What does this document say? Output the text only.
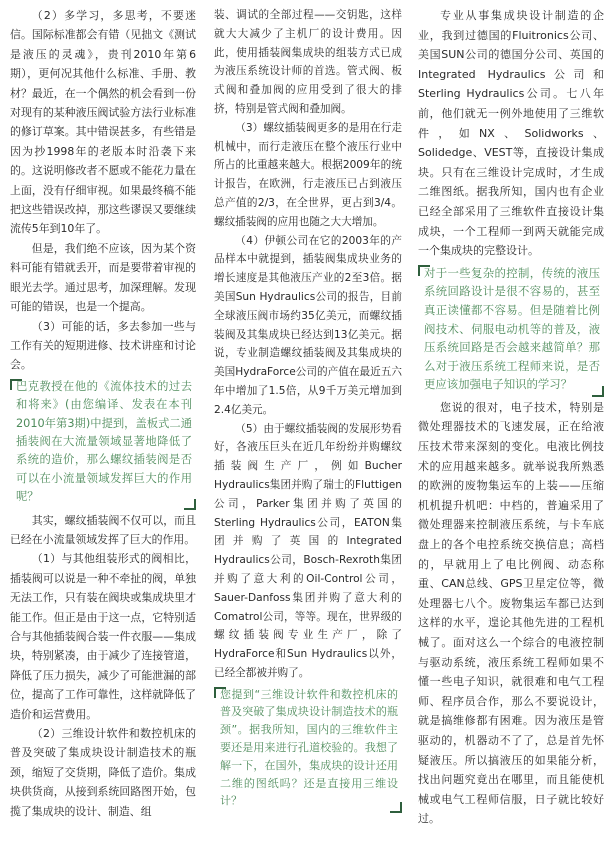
（2）多学习，多思考，不要迷信。国际标准都会有错（见拙文《测试是液压的灵魂》，贵刊2010年第6期），更何况其他什么标准、手册、教材？最近，在一个偶然的机会看到一份对现有的某种液压阀试验方法行业标准的修订草案。其中错误甚多，有些错是因为抄1998年的老版本时沿袭下来的。这说明修改者不愿或不能花力量在上面，没有仔细审视。如果最终稿不能把这些错误改掉，那这些谬误又要继续流传5年到10年了。

但是，我们绝不应该，因为某个资料可能有错就丢开，而是要带着审视的眼光去学。通过思考，加深理解。发现可能的错误，也是一个提高。

（3）可能的话，多去参加一些与工作有关的短期进修、技术讲座和讨论会。

巴克教授在他的《流体技术的过去和将来》(由您编译、发表在本刊2010年第3期)中提到，盖板式二通插装阀在大流量领域显著地降低了系统的造价，那么螺纹插装阀是否可以在小流量领域发挥巨大的作用呢？

其实，螺纹插装阀不仅可以，而且已经在小流量领域发挥了巨大的作用。

（1）与其他组装形式的阀相比，插装阀可以说是一种不牵扯的阀，单独无法工作，只有装在阀块或集成块里才能工作。但正是由于这一点，它特别适合与其他插装阀合装一件衣服——集成块，特别紧凑，由于减少了连接管道，降低了压力损失，减少了可能泄漏的部位，提高了工作可靠性，这样就降低了造价和运营费用。

（2）三维设计软件和数控机床的普及突破了集成块设计制造技术的瓶颈，缩短了交货期，降低了造价。集成块供货商，从接到系统回路图开始，包揽了集成块的设计、制造、组

装、调试的全部过程——交钥匙，这样就大大减少了主机厂的设计费用。因此，使用插装阀集成块的组装方式已成为液压系统设计师的首选。管式阀、板式阀和叠加阀的应用受到了很大的排挤，特别是管式阀和叠加阀。

（3）螺纹插装阀更多的是用在行走机械中，而行走液压在整个液压行业中所占的比重越来越大。根据2009年的统计报告，在欧洲，行走液压已占到液压总产值的2/3，在全世界，更占到3/4。螺纹插装阀的应用也随之大大增加。

（4）伊顿公司在它的2003年的产品样本中就提到，插装阀集成块业务的增长速度是其他液压产业的2至3倍。据美国Sun Hydraulics公司的报告，目前全球液压阀市场约35亿美元，而螺纹插装阀及其集成块已经达到13亿美元。据说，专业制造螺纹插装阀及其集成块的美国HydraForce公司的产值在最近五六年中增加了1.5倍，从9千万美元增加到2.4亿美元。

（5）由于螺纹插装阀的发展形势看好，各液压巨头在近几年纷纷并购螺纹插装阀生产厂，例如Bucher Hydraulics集团并购了瑞士的Fluttigen公司，Parker集团并购了英国的Sterling Hydraulics公司，EATON集团并购了英国的Integrated Hydraulics公司，Bosch-Rexroth集团并购了意大利的Oil-Control公司，Sauer-Danfoss集团并购了意大利的Comatrol公司，等等。现在，世界级的螺纹插装阀专业生产厂，除了HydraForce和Sun Hydraulics以外，已经全都被并购了。

您提到“三维设计软件和数控机床的普及突破了集成块设计制造技术的瓶颈”。据我所知，国内的三维软件主要还是用来进行孔道校验的。我想了解一下，在国外，集成块的设计还用二维的图纸吗？还是直接用三维设计？

专业从事集成块设计制造的企业，我到过德国的Fluitronics公司、美国SUN公司的德国分公司、英国的Integrated Hydraulics公司和Sterling Hydraulics公司。七八年前，他们就无一例外地使用了三维软件，如NX、Solidworks、Solidedge、VEST等，直接设计集成块。只有在三维设计完成时，才生成二维图纸。据我所知，国内也有企业已经全部采用了三维软件直接设计集成块，一个工程师一到两天就能完成一个集成块的完整设计。

对于一些复杂的控制，传统的液压系统回路设计是很不容易的，甚至真正读懂都不容易。但是随着比例阀技术、伺服电动机等的普及，液压系统回路是否会越来越简单？那么对于液压系统工程师来说，是否更应该加强电子知识的学习？

您说的很对，电子技术，特别是微处理器技术的飞速发展，正在给液压技术带来深刻的变化。电液比例技术的应用越来越多。就举说我所熟悉的欧洲的废物集运车的上装——压缩机机提升机吧：中档的，普遍采用了微处理器来控制液压系统，与卡车底盘上的各个电控系统交换信息；高档的，早就用上了电比例阀、动态称重、CAN总线、GPS卫星定位等，微处理器七八个。废物集运车都已达到这样的水平，遑论其他先进的工程机械了。面对这么一个综合的电液控制与驱动系统，液压系统工程师如果不懂一些电子知识，就很难和电气工程师、程序员合作，那么不要说设计，就是搞维修都有困难。因为液压是管驱动的，机器动不了了，总是首先怀疑液压。所以搞液压的如果能分析，找出问题究竟出在哪里，而且能使机械或电气工程师信服，日子就比较好过。
